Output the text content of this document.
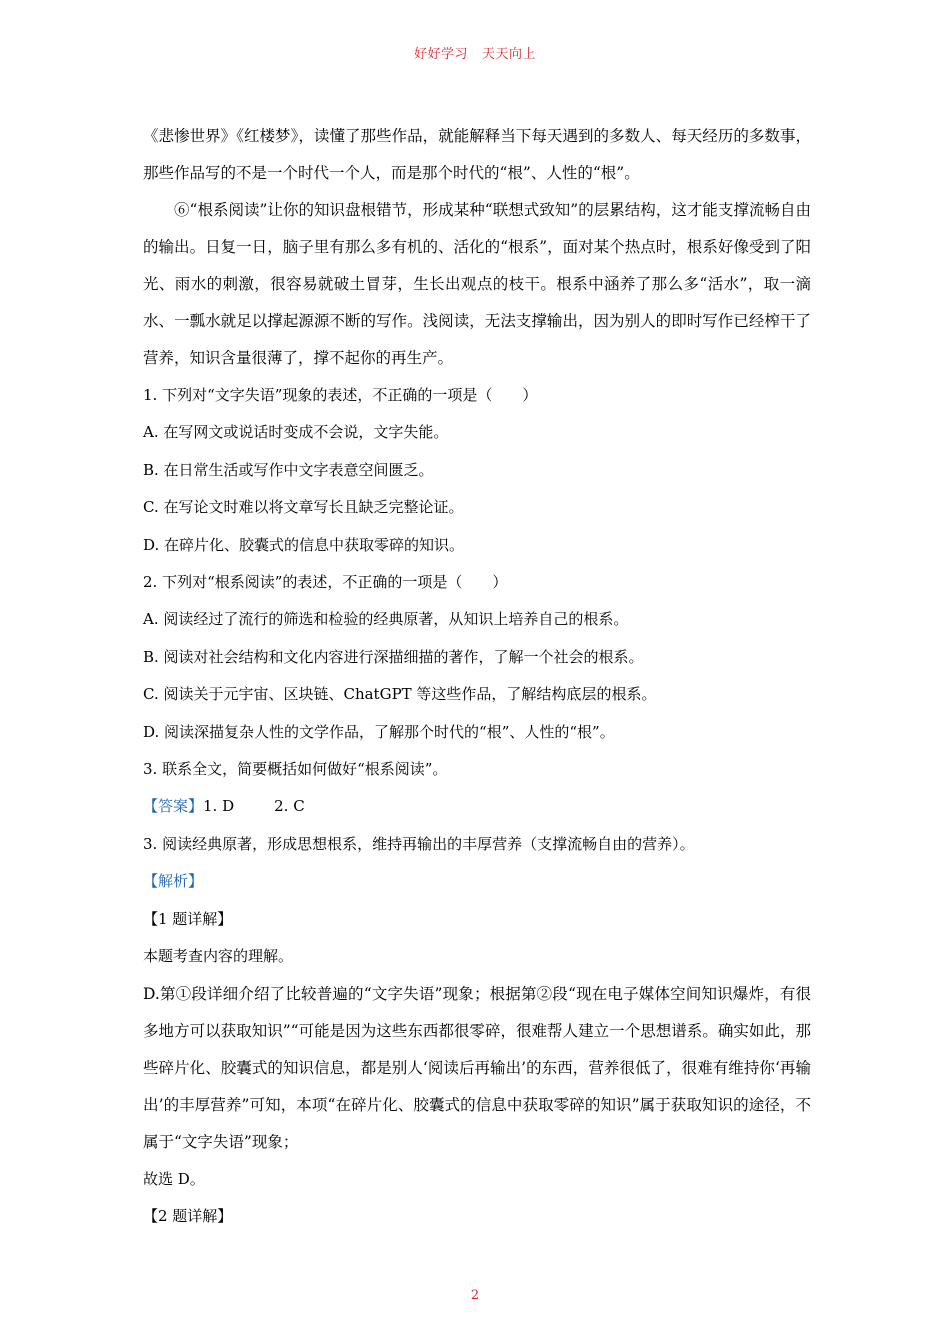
好好学习   天天向上

《悲惨世界》《红楼梦》，读懂了那些作品，就能解释当下每天遇到的多数人、每天经历的多数事，那些作品写的不是一个时代一个人，而是那个时代的“根”、人性的“根”。

⑥“根系阅读”让你的知识盘根错节，形成某种“联想式致知”的层累结构，这才能支撑流畅自由的输出。日复一日，脑子里有那么多有机的、活化的“根系”，面对某个热点时，根系好像受到了阳光、雨水的刺激，很容易就破土冒芽，生长出观点的枝干。根系中涵养了那么多“活水”，取一滴水、一瓢水就足以撑起源源不断的写作。浅阅读，无法支撑输出，因为别人的即时写作已经榨干了营养，知识含量很薄了，撑不起你的再生产。

1. 下列对“文字失语”现象的表述，不正确的一项是（　　）

A. 在写网文或说话时变成不会说，文字失能。

B. 在日常生活或写作中文字表意空间匮乏。

C. 在写论文时难以将文章写长且缺乏完整论证。

D. 在碎片化、胶囊式的信息中获取零碎的知识。

2. 下列对“根系阅读”的表述，不正确的一项是（　　）

A. 阅读经过了流行的筛选和检验的经典原著，从知识上培养自己的根系。

B. 阅读对社会结构和文化内容进行深描细描的著作，了解一个社会的根系。

C. 阅读关于元宇宙、区块链、ChatGPT 等这些作品，了解结构底层的根系。

D. 阅读深描复杂人性的文学作品，了解那个时代的“根”、人性的“根”。

3. 联系全文，简要概括如何做好“根系阅读”。

【答案】1. D	2. C

3. 阅读经典原著，形成思想根系，维持再输出的丰厚营养（支撑流畅自由的营养）。

【解析】

【1 题详解】

本题考查内容的理解。

D.第①段详细介绍了比较普遍的“文字失语”现象；根据第②段“现在电子媒体空间知识爆炸，有很多地方可以获取知识”“可能是因为这些东西都很零碎，很难帮人建立一个思想谱系。确实如此，那些碎片化、胶囊式的知识信息，都是别人‘阅读后再输出’的东西，营养很低了，很难有维持你‘再输出’的丰厚营养”可知，本项“在碎片化、胶囊式的信息中获取零碎的知识”属于获取知识的途径，不属于“文字失语”现象；

故选 D。

【2 题详解】

2
